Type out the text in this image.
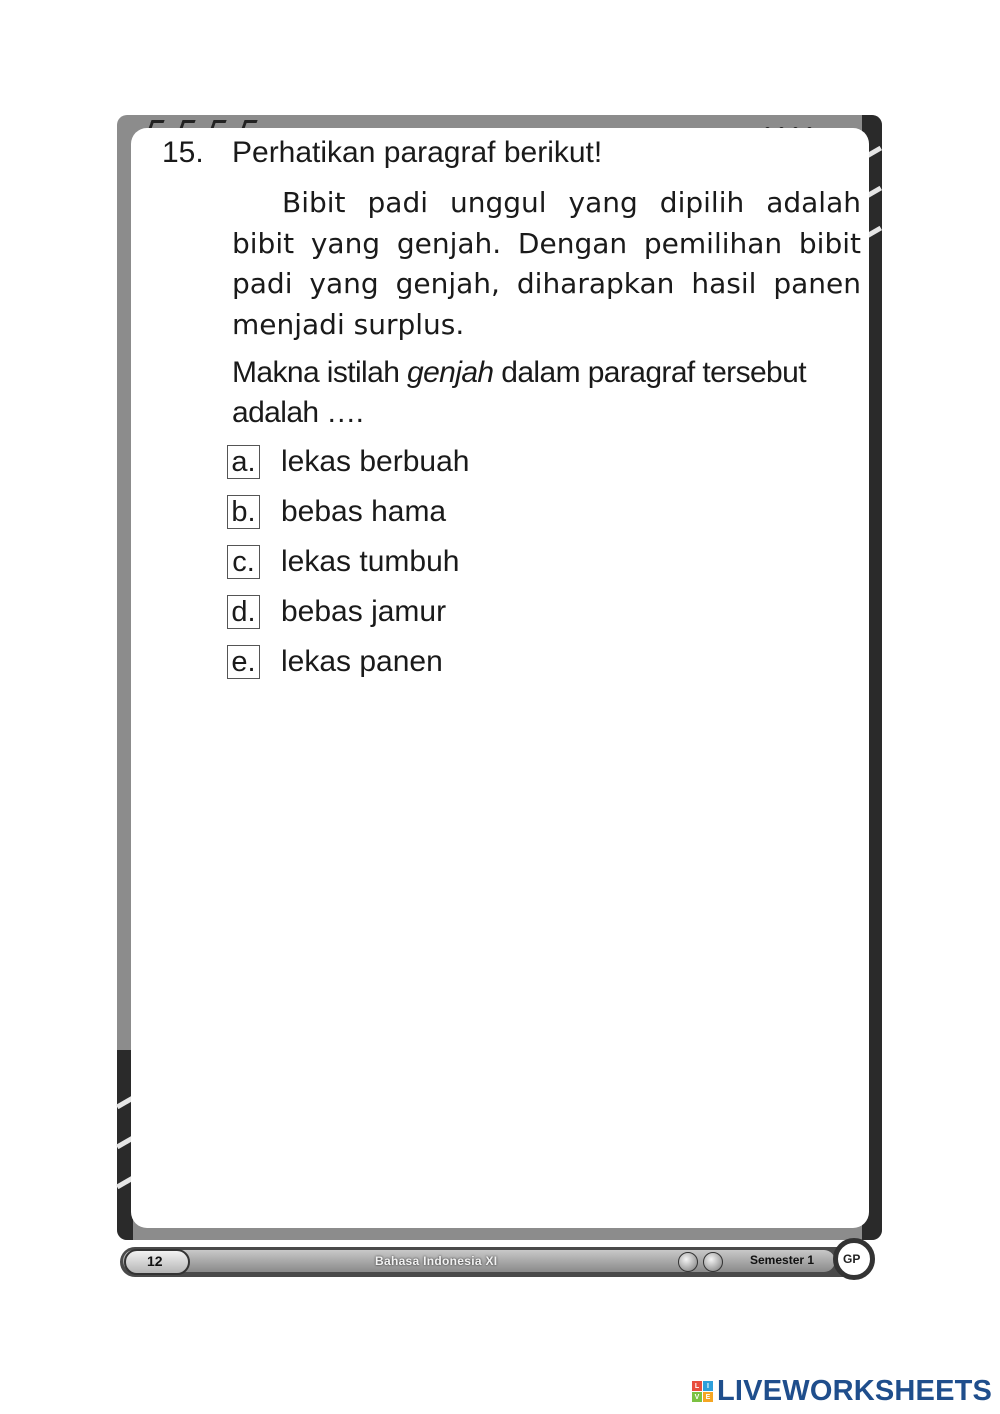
15. Perhatikan paragraf berikut!
Bibit padi unggul yang dipilih adalah bibit yang genjah. Dengan pemilihan bibit padi yang genjah, diharapkan hasil panen menjadi surplus.
Makna istilah genjah dalam paragraf tersebut adalah ….
a. lekas berbuah
b. bebas hama
c. lekas tumbuh
d. bebas jamur
e. lekas panen
12	Bahasa Indonesia XI	Semester 1 GP
L	I
V E LIVEWORKSHEETS
